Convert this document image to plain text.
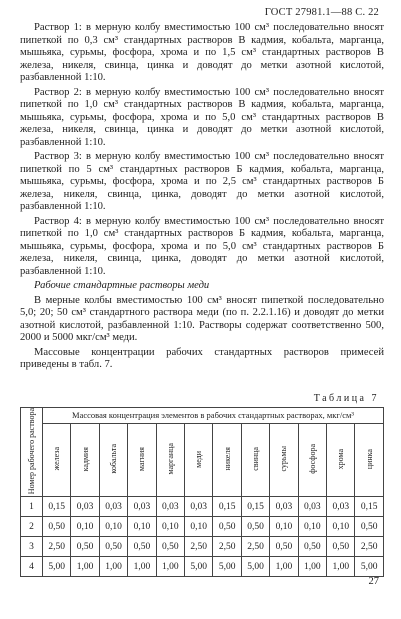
ГОСТ 27981.1—88 С. 22

Раствор 1: в мерную колбу вместимостью 100 см³ последовательно вносят пипеткой по 0,3 см³ стандартных растворов В кадмия, кобальта, марганца, мышьяка, сурьмы, фосфора, хрома и по 1,5 см³ стандартных растворов В железа, никеля, свинца, цинка и доводят до метки азотной кислотой, разбавленной 1:10.

Раствор 2: в мерную колбу вместимостью 100 см³ последовательно вносят пипеткой по 1,0 см³ стандартных растворов В кадмия, кобальта, марганца, мышьяка, сурьмы, фосфора, хрома и по 5,0 см³ стандартных растворов В железа, никеля, свинца, цинка и доводят до метки азотной кислотой, разбавленной 1:10.

Раствор 3: в мерную колбу вместимостью 100 см³ последовательно вносят пипеткой по 5 см³ стандартных растворов Б кадмия, кобальта, марганца, мышьяка, сурьмы, фосфора, хрома и по 2,5 см³ стандартных растворов Б железа, никеля, свинца, цинка, доводят до метки азотной кислотой, разбавленной 1:10.

Раствор 4: в мерную колбу вместимостью 100 см³ последовательно вносят пипеткой по 1,0 см³ стандартных растворов Б кадмия, кобальта, марганца, мышьяка, сурьмы, фосфора, хрома и по 5,0 см³ стандартных растворов Б железа, никеля, свинца, цинка, доводят до метки азотной кислотой, разбавленной 1:10.

Рабочие стандартные растворы меди

В мерные колбы вместимостью 100 см³ вносят пипеткой последовательно 5,0; 20; 50 см³ стандартного раствора меди (по п. 2.2.1.16) и доводят до метки азотной кислотой, разбавленной 1:10. Растворы содержат соответственно 500, 2000 и 5000 мкг/см³ меди.

Массовые концентрации рабочих стандартных растворов примесей приведены в табл. 7.

Таблица 7
Номер рабочего раствора	Массовая концентрация элементов в рабочих стандартных растворах, мкг/см³											
	железа	кадмия	кобальта	магния	марганца	меди	никеля	свинца	сурьмы	фосфора	хрома	цинка
1	0,15	0,03	0,03	0,03	0,03	0,03	0,15	0,15	0,03	0,03	0,03	0,15
2	0,50	0,10	0,10	0,10	0,10	0,10	0,50	0,50	0,10	0,10	0,10	0,50
3	2,50	0,50	0,50	0,50	0,50	2,50	2,50	2,50	0,50	0,50	0,50	2,50
4	5,00	1,00	1,00	1,00	1,00	5,00	5,00	5,00	1,00	1,00	1,00	5,00
27
